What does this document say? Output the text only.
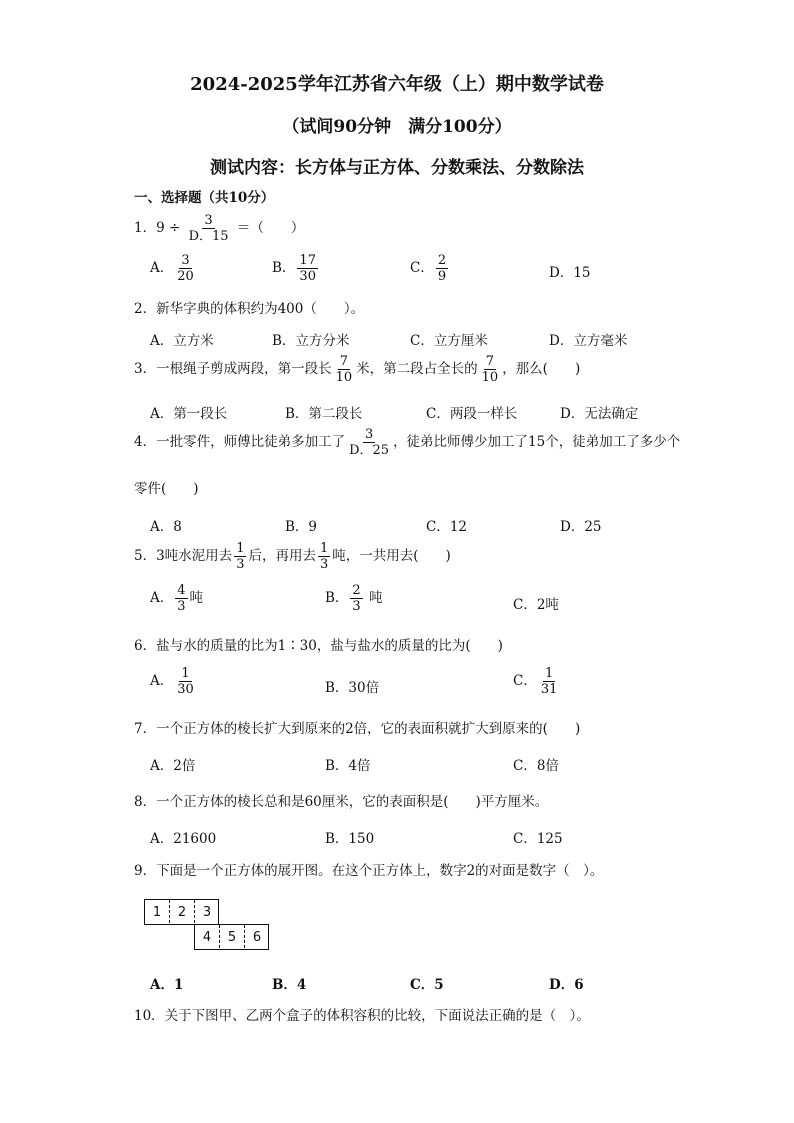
2024-2025学年江苏省六年级（上）期中数学试卷
（试间90分钟　满分100分）
测试内容：长方体与正方体、分数乘法、分数除法
一、选择题（共10分）
1．$9 \div \frac{3}{D.15}$ ＝（　　）
A． $\frac{3}{20}$	B． $\frac{17}{30}$	C． $\frac{2}{9}$	D．15
2．新华字典的体积约为400（　　）。
A．立方米	B．立方分米	C．立方厘米	D．立方毫米
3．一根绳子剪成两段，第一段长 $\frac{7}{10}$ 米，第二段占全长的 $\frac{7}{10}$ ，那么(　　)
A．第一段长	B．第二段长	C．两段一样长	D．无法确定
4．一批零件，师傅比徒弟多加工了 $\frac{3}{D.25}$ ，徒弟比师傅少加工了15个，徒弟加工了多少个
零件(　　)
A．8	B．9	C．12	D．25
5．3吨水泥用去 $\frac{1}{3}$ 后，再用去 $\frac{1}{3}$ 吨，一共用去(　　)
A． $\frac{4}{3}$ 吨	B． $\frac{2}{3}$ 吨	C．2吨
6．盐与水的质量的比为1∶30，盐与盐水的质量的比为(　　)
A． $\frac{1}{30}$	B．30倍	C． $\frac{1}{31}$
7．一个正方体的棱长扩大到原来的2倍，它的表面积就扩大到原来的(　　)
A．2倍	B．4倍	C．8倍
8．一个正方体的棱长总和是60厘米，它的表面积是(　　)平方厘米。
A．21600	B．150	C．125
9．下面是一个正方体的展开图。在这个正方体上，数字2的对面是数字（　）。
1	2	3
4	5	6
A．1	B．4	C．5	D．6
10．关于下图甲、乙两个盒子的体积容积的比较，下面说法正确的是（　）。
